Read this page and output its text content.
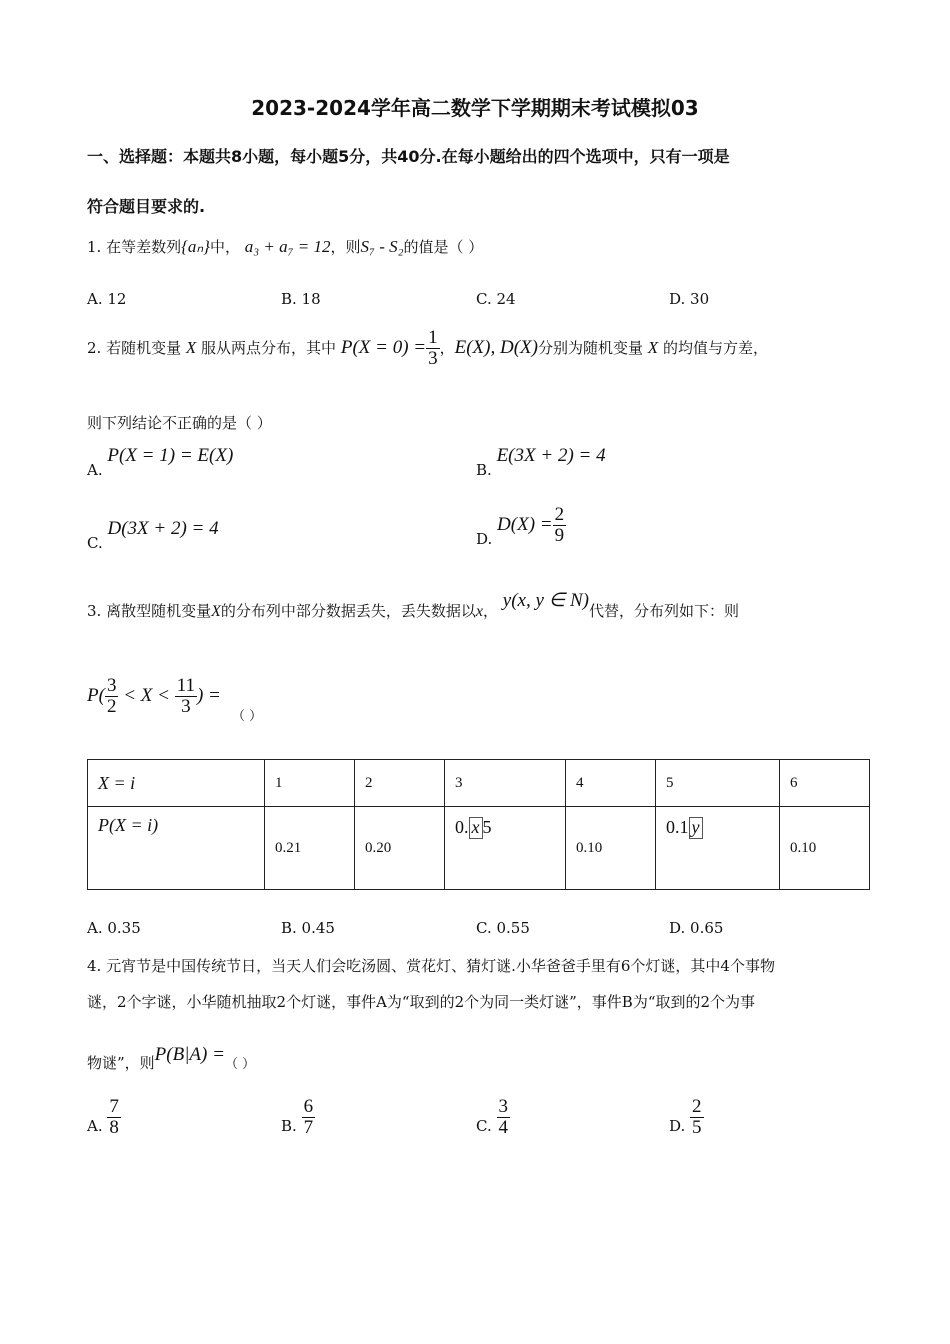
2023-2024学年高二数学下学期期末考试模拟03
一、选择题：本题共8小题，每小题5分，共40分.在每小题给出的四个选项中，只有一项是
符合题目要求的.
1. 在等差数列{aₙ}中， a₃ + a₇ = 12，则S₇ - S₂的值是（ ）
A. 12	B. 18	C. 24	D. 30
2. 若随机变量 X 服从两点分布，其中 $P(X = 0) = \frac{1}{3}$ ，E(X), D(X)分别为随机变量 X 的均值与方差，
则下列结论不正确的是（ ）
A. P(X = 1) = E(X)
B. E(3X + 2) = 4
C. D(3X + 2) = 4	D. $D(X) = \frac{2}{9}$
3. 离散型随机变量X的分布列中部分数据丢失，丢失数据以x， y(x, y ∈ N)代替，分布列如下：则
$P( \frac{3}{2} < X < \frac{11}{3}$ ) =
（ ）
X = i	1	2	3	4	5	6
P(X = i)	0.21	0.20	0. x 5	0.10	0.1 y	0.10
A. 0.35	B. 0.45	C. 0.55	D. 0.65
4. 元宵节是中国传统节日，当天人们会吃汤圆、赏花灯、猜灯谜.小华爸爸手里有6个灯谜，其中4个事物
谜，2个字谜，小华随机抽取2个灯谜，事件A为“取到的2个为同一类灯谜”，事件B为“取到的2个为事
物谜”，则P(B|A) =（ ）
A. $\frac{7}{8}$	B. $\frac{6}{7}$	C. $\frac{3}{4}$	D. $\frac{2}{5}$
